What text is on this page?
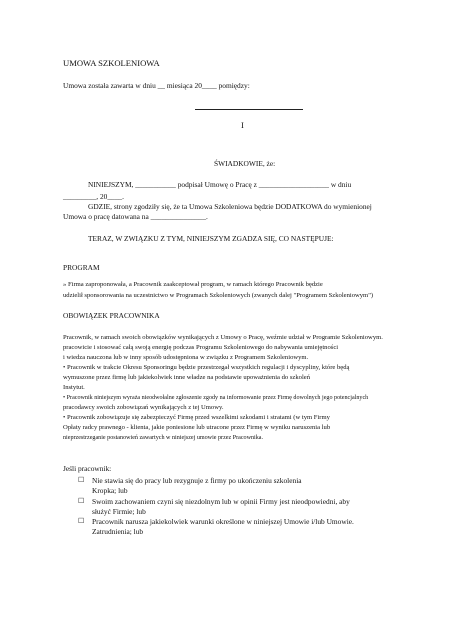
UMOWA SZKOLENIOWA
Umowa została zawarta w dniu __ miesiąca 20____ pomiędzy:
I
ŚWIADKOWIE, że:
NINIEJSZYM, ___________ podpisał Umowę o Pracę z ___________________ w dniu
_________, 20____.
GDZIE, strony zgodziły się, że ta Umowa Szkoleniowa będzie DODATKOWA do wymienionej
Umowa o pracę datowana na _______________.
TERAZ, W ZWIĄZKU Z TYM, NINIEJSZYM ZGADZA SIĘ, CO NASTĘPUJE:
PROGRAM
» Firma zaproponowała, a Pracownik zaakceptował program, w ramach którego Pracownik będzie
udzielił sponsorowania na uczestnictwo w Programach Szkoleniowych (zwanych dalej "Programem Szkoleniowym")
OBOWIĄZEK PRACOWNIKA
Pracownik, w ramach swoich obowiązków wynikających z Umowy o Pracę, weźmie udział w Programie Szkoleniowym.
pracowicie i stosować całą swoją energię podczas Programu Szkoleniowego do nabywania umiejętności
i wiedza nauczona lub w inny sposób udostępniona w związku z Programem Szkoleniowym.
• Pracownik w trakcie Okresu Sponsoringu będzie przestrzegał wszystkich regulacji i dyscypliny, które będą
wymuszone przez firmę lub jakiekolwiek inne władze na podstawie upoważnienia do szkoleń
Instytut.
• Pracownik niniejszym wyraża nieodwołalne zgłoszenie zgody na informowanie przez Firmę dowolnych jego potencjalnych
pracodawcy swoich zobowiązań wynikających z tej Umowy.
• Pracownik zobowiązuje się zabezpieczyć Firmę przed wszelkimi szkodami i stratami (w tym Firmy
Opłaty radcy prawnego - klienta, jakie poniesione lub utracone przez Firmę w wyniku naruszenia lub
nieprzestrzeganie postanowień zawartych w niniejszej umowie przez Pracownika.
Jeśli pracownik:
☐ Nie stawia się do pracy lub rezygnuje z firmy po ukończeniu szkolenia
Kropka; lub
☐ Swoim zachowaniem czyni się niezdolnym lub w opinii Firmy jest nieodpowiedni, aby
służyć Firmie; lub
☐ Pracownik narusza jakiekolwiek warunki określone w niniejszej Umowie i/lub Umowie.
Zatrudnienia; lub
